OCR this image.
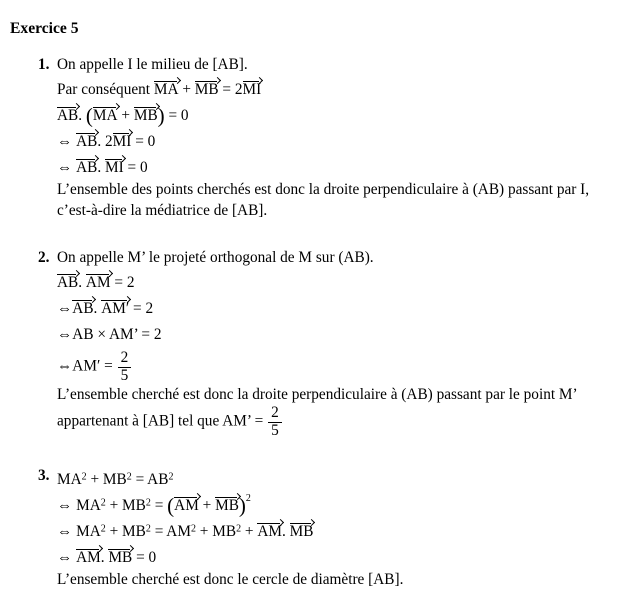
Exercice 5
1. On appelle I le milieu de [AB].
Par conséquent MA + MB = 2MI
AB. (MA + MB) = 0
⇔ AB. 2MI = 0
⇔ AB. MI = 0
L’ensemble des points cherchés est donc la droite perpendiculaire à (AB) passant par I,
c’est-à-dire la médiatrice de [AB].
2. On appelle M’ le projeté orthogonal de M sur (AB).
AB. AM = 2
⇔AB. AM′ = 2
⇔AB × AM’ = 2
⇔AM′ = $\frac{2}{5}$
L’ensemble cherché est donc la droite perpendiculaire à (AB) passant par le point M’
appartenant à [AB] tel que AM’ = $\frac{2}{5}$
3. $MA^2 + MB^2 = AB^2$
⇔ $MA^2 + MB^2 = (AM + MB)^2$
⇔ $MA^2 + MB^2 = AM^2 + MB^2$ + AM. MB
⇔ AM. MB = 0
L’ensemble cherché est donc le cercle de diamètre [AB].
